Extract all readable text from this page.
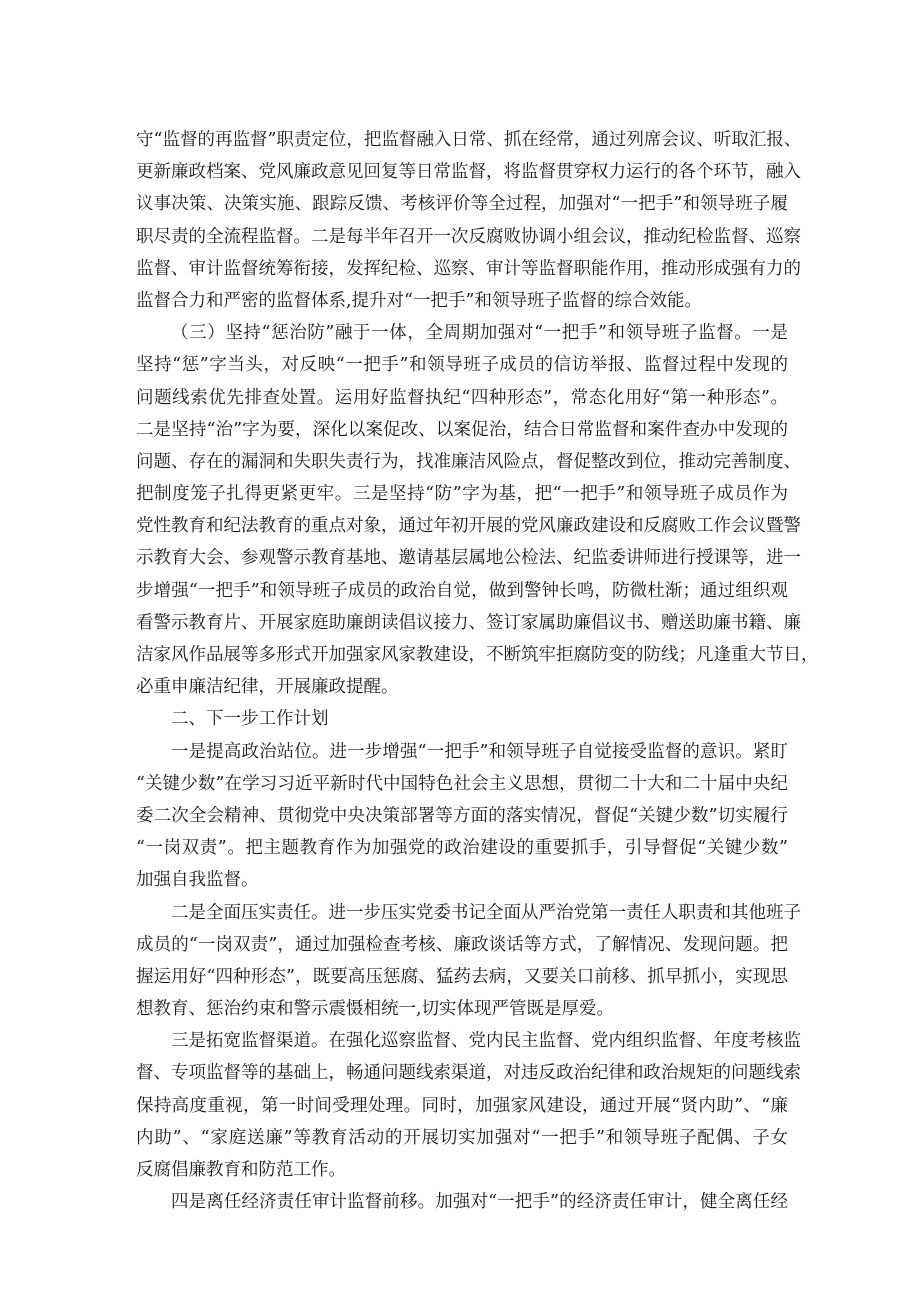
守“监督的再监督”职责定位，把监督融入日常、抓在经常，通过列席会议、听取汇报、
更新廉政档案、党风廉政意见回复等日常监督，将监督贯穿权力运行的各个环节，融入
议事决策、决策实施、跟踪反馈、考核评价等全过程，加强对“一把手”和领导班子履
职尽责的全流程监督。二是每半年召开一次反腐败协调小组会议，推动纪检监督、巡察
监督、审计监督统筹衔接，发挥纪检、巡察、审计等监督职能作用，推动形成强有力的
监督合力和严密的监督体系,提升对“一把手”和领导班子监督的综合效能。
（三）坚持“惩治防”融于一体，全周期加强对“一把手”和领导班子监督。一是
坚持“惩”字当头，对反映“一把手”和领导班子成员的信访举报、监督过程中发现的
问题线索优先排查处置。运用好监督执纪“四种形态”，常态化用好“第一种形态”。
二是坚持“治”字为要，深化以案促改、以案促治，结合日常监督和案件查办中发现的
问题、存在的漏洞和失职失责行为，找准廉洁风险点，督促整改到位，推动完善制度、
把制度笼子扎得更紧更牢。三是坚持“防”字为基，把“一把手”和领导班子成员作为
党性教育和纪法教育的重点对象，通过年初开展的党风廉政建设和反腐败工作会议暨警
示教育大会、参观警示教育基地、邀请基层属地公检法、纪监委讲师进行授课等，进一
步增强“一把手”和领导班子成员的政治自觉，做到警钟长鸣，防微杜渐；通过组织观
看警示教育片、开展家庭助廉朗读倡议接力、签订家属助廉倡议书、赠送助廉书籍、廉
洁家风作品展等多形式开加强家风家教建设，不断筑牢拒腐防变的防线；凡逢重大节日，
必重申廉洁纪律，开展廉政提醒。
二、下一步工作计划
一是提高政治站位。进一步增强“一把手”和领导班子自觉接受监督的意识。紧盯
“关键少数”在学习习近平新时代中国特色社会主义思想，贯彻二十大和二十届中央纪
委二次全会精神、贯彻党中央决策部署等方面的落实情况，督促“关键少数”切实履行
“一岗双责”。把主题教育作为加强党的政治建设的重要抓手，引导督促“关键少数”
加强自我监督。
二是全面压实责任。进一步压实党委书记全面从严治党第一责任人职责和其他班子
成员的“一岗双责”，通过加强检查考核、廉政谈话等方式，了解情况、发现问题。把
握运用好“四种形态”，既要高压惩腐、猛药去病，又要关口前移、抓早抓小，实现思
想教育、惩治约束和警示震慑相统一,切实体现严管既是厚爱。
三是拓宽监督渠道。在强化巡察监督、党内民主监督、党内组织监督、年度考核监
督、专项监督等的基础上，畅通问题线索渠道，对违反政治纪律和政治规矩的问题线索
保持高度重视，第一时间受理处理。同时，加强家风建设，通过开展“贤内助”、“廉
内助”、“家庭送廉”等教育活动的开展切实加强对“一把手”和领导班子配偶、子女
反腐倡廉教育和防范工作。
四是离任经济责任审计监督前移。加强对“一把手”的经济责任审计，健全离任经
